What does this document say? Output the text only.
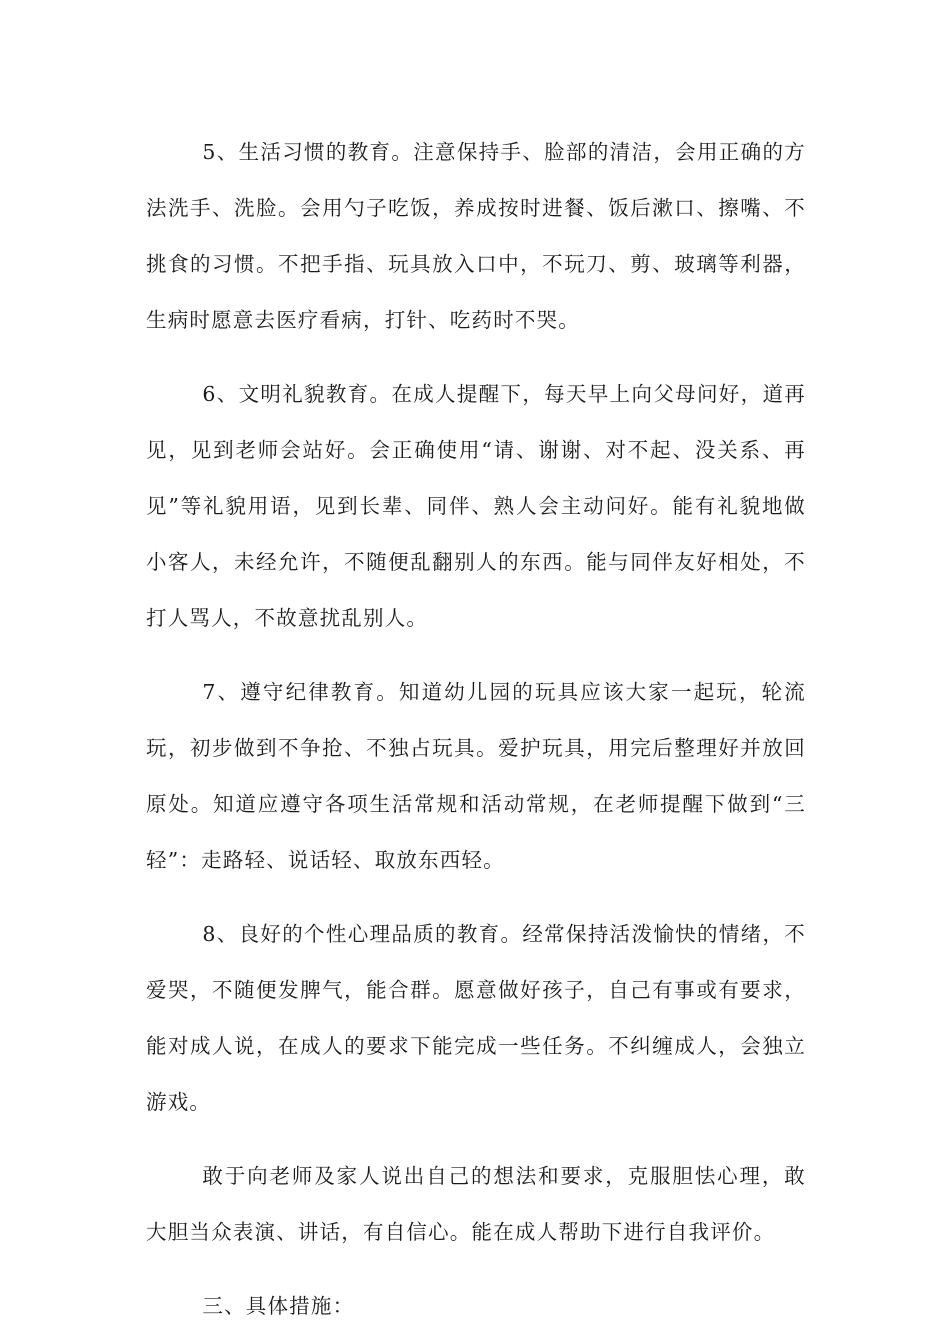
5、生活习惯的教育。注意保持手、脸部的清洁，会用正确的方法洗手、洗脸。会用勺子吃饭，养成按时进餐、饭后漱口、擦嘴、不挑食的习惯。不把手指、玩具放入口中，不玩刀、剪、玻璃等利器，生病时愿意去医疗看病，打针、吃药时不哭。

6、文明礼貌教育。在成人提醒下，每天早上向父母问好，道再见，见到老师会站好。会正确使用“请、谢谢、对不起、没关系、再见”等礼貌用语，见到长辈、同伴、熟人会主动问好。能有礼貌地做小客人，未经允许，不随便乱翻别人的东西。能与同伴友好相处，不打人骂人，不故意扰乱别人。

7、遵守纪律教育。知道幼儿园的玩具应该大家一起玩，轮流玩，初步做到不争抢、不独占玩具。爱护玩具，用完后整理好并放回原处。知道应遵守各项生活常规和活动常规，在老师提醒下做到“三轻”：走路轻、说话轻、取放东西轻。

8、良好的个性心理品质的教育。经常保持活泼愉快的情绪，不爱哭，不随便发脾气，能合群。愿意做好孩子，自己有事或有要求，能对成人说，在成人的要求下能完成一些任务。不纠缠成人，会独立游戏。

敢于向老师及家人说出自己的想法和要求，克服胆怯心理，敢大胆当众表演、讲话，有自信心。能在成人帮助下进行自我评价。

三、具体措施：
